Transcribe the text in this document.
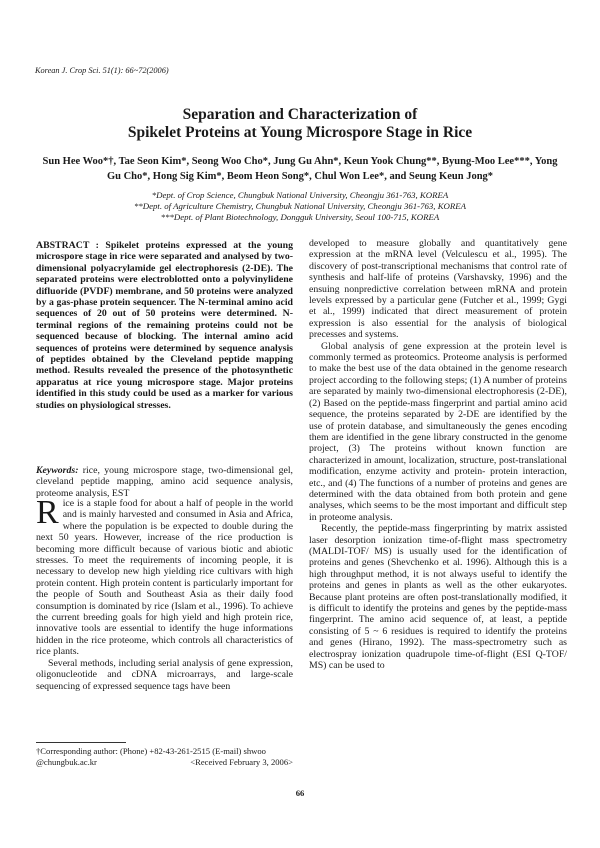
Korean J. Crop Sci. 51(1): 66~72(2006)
Separation and Characterization of
Spikelet Proteins at Young Microspore Stage in Rice
Sun Hee Woo*†, Tae Seon Kim*, Seong Woo Cho*, Jung Gu Ahn*, Keun Yook Chung**, Byung-Moo Lee***, Yong Gu Cho*, Hong Sig Kim*, Beom Heon Song*, Chul Won Lee*, and Seung Keun Jong*
*Dept. of Crop Science, Chungbuk National University, Cheongju 361-763, KOREA
**Dept. of Agriculture Chemistry, Chungbuk National University, Cheongju 361-763, KOREA
***Dept. of Plant Biotechnology, Dongguk University, Seoul 100-715, KOREA
ABSTRACT : Spikelet proteins expressed at the young microspore stage in rice were separated and analysed by two-dimensional polyacrylamide gel electrophoresis (2-DE). The separated proteins were electroblotted onto a polyvinylidene difluoride (PVDF) membrane, and 50 proteins were analyzed by a gas-phase protein sequencer. The N-terminal amino acid sequences of 20 out of 50 proteins were determined. N-terminal regions of the remaining proteins could not be sequenced because of blocking. The internal amino acid sequences of proteins were determined by sequence analysis of peptides obtained by the Cleveland peptide mapping method. Results revealed the presence of the photosynthetic apparatus at rice young microspore stage. Major proteins identified in this study could be used as a marker for various studies on physiological stresses.
Keywords: rice, young microspore stage, two-dimensional gel, cleveland peptide mapping, amino acid sequence analysis, proteome analysis, EST

Rice is a staple food for about a half of people in the world and is mainly harvested and consumed in Asia and Africa, where the population is be expected to double during the next 50 years. However, increase of the rice production is becoming more difficult because of various biotic and abiotic stresses. To meet the requirements of incoming people, it is necessary to develop new high yielding rice cultivars with high protein content. High protein content is particularly important for the people of South and Southeast Asia as their daily food consumption is dominated by rice (Islam et al., 1996). To achieve the current breeding goals for high yield and high protein rice, innovative tools are essential to identify the huge informations hidden in the rice proteome, which controls all characteristics of rice plants.

Several methods, including serial analysis of gene expression, oligonucleotide and cDNA microarrays, and large-scale sequencing of expressed sequence tags have been

developed to measure globally and quantitatively gene expression at the mRNA level (Velculescu et al., 1995). The discovery of post-transcriptional mechanisms that control rate of synthesis and half-life of proteins (Varshavsky, 1996) and the ensuing nonpredictive correlation between mRNA and protein levels expressed by a particular gene (Futcher et al., 1999; Gygi et al., 1999) indicated that direct measurement of protein expression is also essential for the analysis of biological precesses and systems.

Global analysis of gene expression at the protein level is commonly termed as proteomics. Proteome analysis is performed to make the best use of the data obtained in the genome research project according to the following steps; (1) A number of proteins are separated by mainly two-dimensional electrophoresis (2-DE), (2) Based on the peptide-mass fingerprint and partial amino acid sequence, the proteins separated by 2-DE are identified by the use of protein database, and simultaneously the genes encoding them are identified in the gene library constructed in the genome project, (3) The proteins without known function are characterized in amount, localization, structure, post-translational modification, enzyme activity and protein- protein interaction, etc., and (4) The functions of a number of proteins and genes are determined with the data obtained from both protein and gene analyses, which seems to be the most important and difficult step in proteome analysis.

Recently, the peptide-mass fingerprinting by matrix assisted laser desorption ionization time-of-flight mass spectrometry (MALDI-TOF/ MS) is usually used for the identification of proteins and genes (Shevchenko et al. 1996). Although this is a high throughput method, it is not always useful to identify the proteins and genes in plants as well as the other eukaryotes. Because plant proteins are often post-translationally modified, it is difficult to identify the proteins and genes by the peptide-mass fingerprint. The amino acid sequence of, at least, a peptide consisting of 5 ~ 6 residues is required to identify the proteins and genes (Hirano, 1992). The mass-spectrometry such as electrospray ionization quadrupole time-of-flight (ESI Q-TOF/ MS) can be used to

†Corresponding author: (Phone) +82-43-261-2515 (E-mail) shwoo
@chungbuk.ac.kr	<Received February 3, 2006>
66
